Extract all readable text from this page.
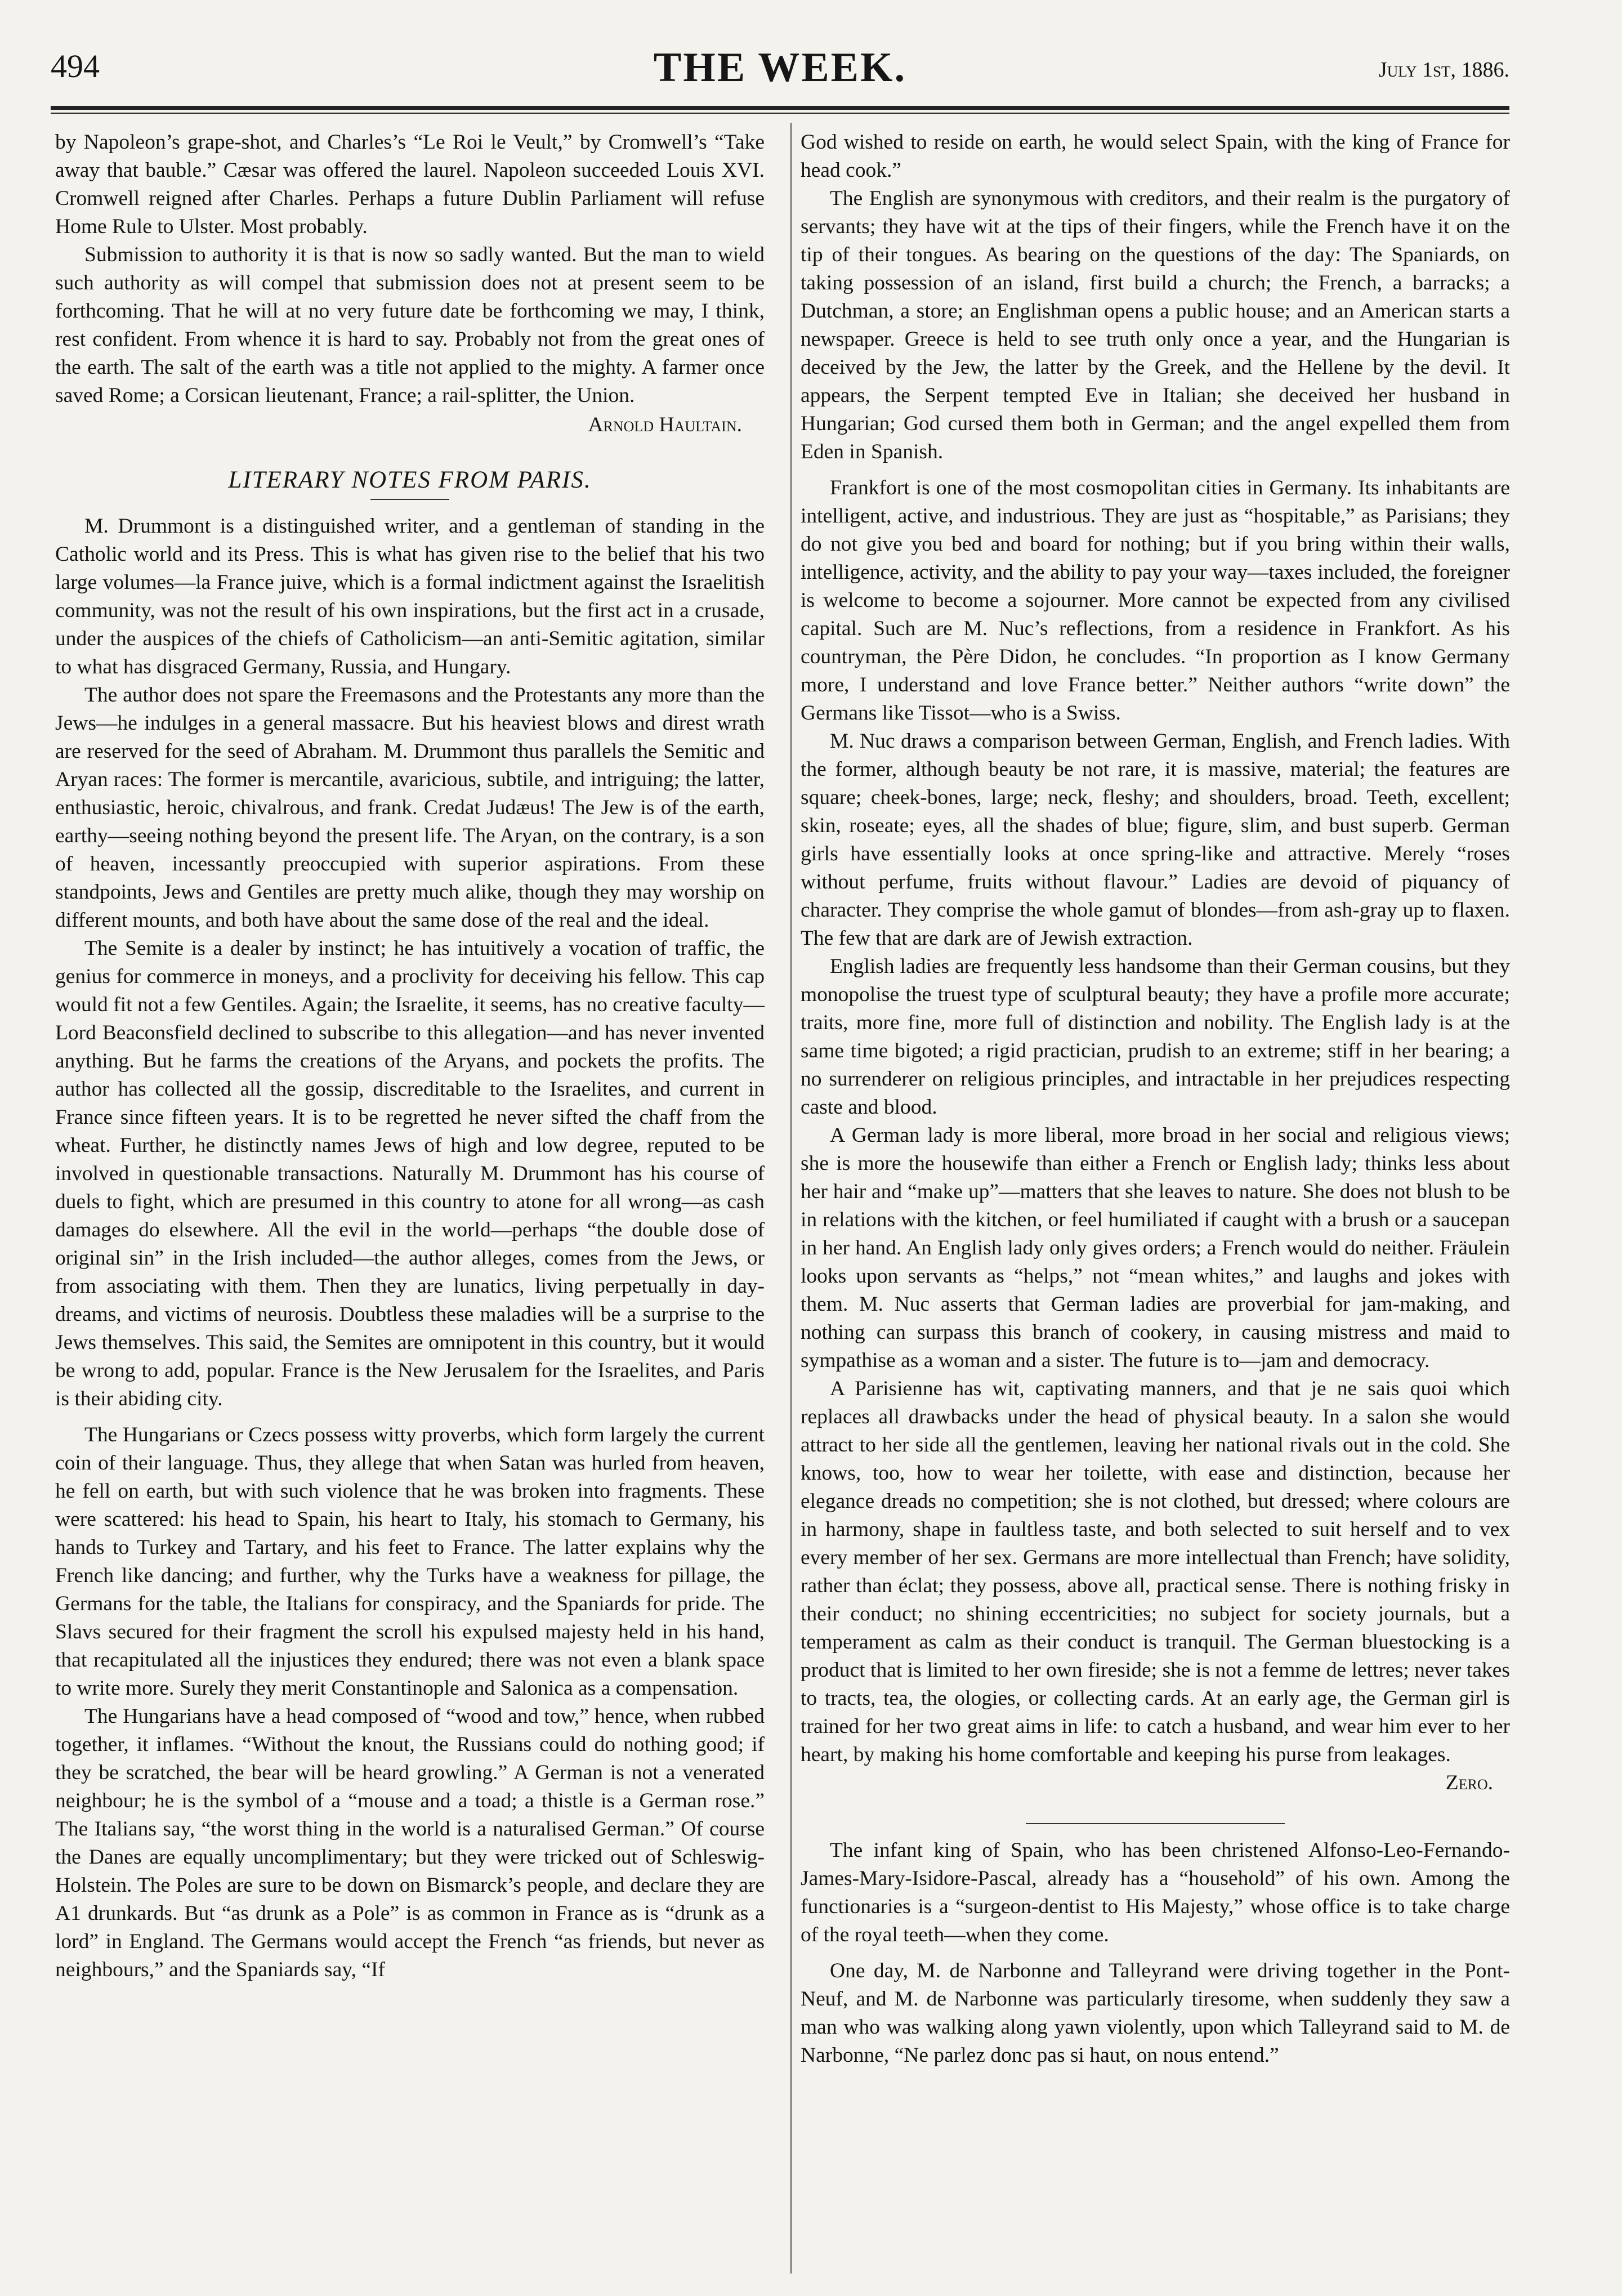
494	THE WEEK.	July 1st, 1886.

by Napoleon’s grape-shot, and Charles’s “Le Roi le Veult,” by Cromwell’s “Take away that bauble.” Cæsar was offered the laurel. Napoleon succeeded Louis XVI. Cromwell reigned after Charles. Perhaps a future Dublin Parliament will refuse Home Rule to Ulster. Most probably.

Submission to authority it is that is now so sadly wanted. But the man to wield such authority as will compel that submission does not at present seem to be forthcoming. That he will at no very future date be forthcoming we may, I think, rest confident. From whence it is hard to say. Probably not from the great ones of the earth. The salt of the earth was a title not applied to the mighty. A farmer once saved Rome; a Corsican lieutenant, France; a rail-splitter, the Union.

Arnold Haultain.
LITERARY NOTES FROM PARIS.

M. Drummont is a distinguished writer, and a gentleman of standing in the Catholic world and its Press. This is what has given rise to the belief that his two large volumes—la France juive, which is a formal indictment against the Israelitish community, was not the result of his own inspirations, but the first act in a crusade, under the auspices of the chiefs of Catholicism—an anti-Semitic agitation, similar to what has disgraced Germany, Russia, and Hungary.

The author does not spare the Freemasons and the Protestants any more than the Jews—he indulges in a general massacre. But his heaviest blows and direst wrath are reserved for the seed of Abraham. M. Drummont thus parallels the Semitic and Aryan races: The former is mercantile, avaricious, subtile, and intriguing; the latter, enthusiastic, heroic, chivalrous, and frank. Credat Judæus! The Jew is of the earth, earthy—seeing nothing beyond the present life. The Aryan, on the contrary, is a son of heaven, incessantly preoccupied with superior aspirations. From these standpoints, Jews and Gentiles are pretty much alike, though they may worship on different mounts, and both have about the same dose of the real and the ideal.

The Semite is a dealer by instinct; he has intuitively a vocation of traffic, the genius for commerce in moneys, and a proclivity for deceiving his fellow. This cap would fit not a few Gentiles. Again; the Israelite, it seems, has no creative faculty—Lord Beaconsfield declined to subscribe to this allegation—and has never invented anything. But he farms the creations of the Aryans, and pockets the profits. The author has collected all the gossip, discreditable to the Israelites, and current in France since fifteen years. It is to be regretted he never sifted the chaff from the wheat. Further, he distinctly names Jews of high and low degree, reputed to be involved in questionable transactions. Naturally M. Drummont has his course of duels to fight, which are presumed in this country to atone for all wrong—as cash damages do elsewhere. All the evil in the world—perhaps “the double dose of original sin” in the Irish included—the author alleges, comes from the Jews, or from associating with them. Then they are lunatics, living perpetually in day-dreams, and victims of neurosis. Doubtless these maladies will be a surprise to the Jews themselves. This said, the Semites are omnipotent in this country, but it would be wrong to add, popular. France is the New Jerusalem for the Israelites, and Paris is their abiding city.

The Hungarians or Czecs possess witty proverbs, which form largely the current coin of their language. Thus, they allege that when Satan was hurled from heaven, he fell on earth, but with such violence that he was broken into fragments. These were scattered: his head to Spain, his heart to Italy, his stomach to Germany, his hands to Turkey and Tartary, and his feet to France. The latter explains why the French like dancing; and further, why the Turks have a weakness for pillage, the Germans for the table, the Italians for conspiracy, and the Spaniards for pride. The Slavs secured for their fragment the scroll his expulsed majesty held in his hand, that recapitulated all the injustices they endured; there was not even a blank space to write more. Surely they merit Constantinople and Salonica as a compensation.

The Hungarians have a head composed of “wood and tow,” hence, when rubbed together, it inflames. “Without the knout, the Russians could do nothing good; if they be scratched, the bear will be heard growling.” A German is not a venerated neighbour; he is the symbol of a “mouse and a toad; a thistle is a German rose.” The Italians say, “the worst thing in the world is a naturalised German.” Of course the Danes are equally uncomplimentary; but they were tricked out of Schleswig-Holstein. The Poles are sure to be down on Bismarck’s people, and declare they are A1 drunkards. But “as drunk as a Pole” is as common in France as is “drunk as a lord” in England. The Germans would accept the French “as friends, but never as neighbours,” and the Spaniards say, “If

God wished to reside on earth, he would select Spain, with the king of France for head cook.”

The English are synonymous with creditors, and their realm is the purgatory of servants; they have wit at the tips of their fingers, while the French have it on the tip of their tongues. As bearing on the questions of the day: The Spaniards, on taking possession of an island, first build a church; the French, a barracks; a Dutchman, a store; an Englishman opens a public house; and an American starts a newspaper. Greece is held to see truth only once a year, and the Hungarian is deceived by the Jew, the latter by the Greek, and the Hellene by the devil. It appears, the Serpent tempted Eve in Italian; she deceived her husband in Hungarian; God cursed them both in German; and the angel expelled them from Eden in Spanish.

Frankfort is one of the most cosmopolitan cities in Germany. Its inhabitants are intelligent, active, and industrious. They are just as “hospitable,” as Parisians; they do not give you bed and board for nothing; but if you bring within their walls, intelligence, activity, and the ability to pay your way—taxes included, the foreigner is welcome to become a sojourner. More cannot be expected from any civilised capital. Such are M. Nuc’s reflections, from a residence in Frankfort. As his countryman, the Père Didon, he concludes. “In proportion as I know Germany more, I understand and love France better.” Neither authors “write down” the Germans like Tissot—who is a Swiss.

M. Nuc draws a comparison between German, English, and French ladies. With the former, although beauty be not rare, it is massive, material; the features are square; cheek-bones, large; neck, fleshy; and shoulders, broad. Teeth, excellent; skin, roseate; eyes, all the shades of blue; figure, slim, and bust superb. German girls have essentially looks at once spring-like and attractive. Merely “roses without perfume, fruits without flavour.” Ladies are devoid of piquancy of character. They comprise the whole gamut of blondes—from ash-gray up to flaxen. The few that are dark are of Jewish extraction.

English ladies are frequently less handsome than their German cousins, but they monopolise the truest type of sculptural beauty; they have a profile more accurate; traits, more fine, more full of distinction and nobility. The English lady is at the same time bigoted; a rigid practician, prudish to an extreme; stiff in her bearing; a no surrenderer on religious principles, and intractable in her prejudices respecting caste and blood.

A German lady is more liberal, more broad in her social and religious views; she is more the housewife than either a French or English lady; thinks less about her hair and “make up”—matters that she leaves to nature. She does not blush to be in relations with the kitchen, or feel humiliated if caught with a brush or a saucepan in her hand. An English lady only gives orders; a French would do neither. Fräulein looks upon servants as “helps,” not “mean whites,” and laughs and jokes with them. M. Nuc asserts that German ladies are proverbial for jam-making, and nothing can surpass this branch of cookery, in causing mistress and maid to sympathise as a woman and a sister. The future is to—jam and democracy.

A Parisienne has wit, captivating manners, and that je ne sais quoi which replaces all drawbacks under the head of physical beauty. In a salon she would attract to her side all the gentlemen, leaving her national rivals out in the cold. She knows, too, how to wear her toilette, with ease and distinction, because her elegance dreads no competition; she is not clothed, but dressed; where colours are in harmony, shape in faultless taste, and both selected to suit herself and to vex every member of her sex. Germans are more intellectual than French; have solidity, rather than éclat; they possess, above all, practical sense. There is nothing frisky in their conduct; no shining eccentricities; no subject for society journals, but a temperament as calm as their conduct is tranquil. The German bluestocking is a product that is limited to her own fireside; she is not a femme de lettres; never takes to tracts, tea, the ologies, or collecting cards. At an early age, the German girl is trained for her two great aims in life: to catch a husband, and wear him ever to her heart, by making his home comfortable and keeping his purse from leakages.

Zero.

The infant king of Spain, who has been christened Alfonso-Leo-Fernando-James-Mary-Isidore-Pascal, already has a “household” of his own. Among the functionaries is a “surgeon-dentist to His Majesty,” whose office is to take charge of the royal teeth—when they come.

One day, M. de Narbonne and Talleyrand were driving together in the Pont-Neuf, and M. de Narbonne was particularly tiresome, when suddenly they saw a man who was walking along yawn violently, upon which Talleyrand said to M. de Narbonne, “Ne parlez donc pas si haut, on nous entend.”
